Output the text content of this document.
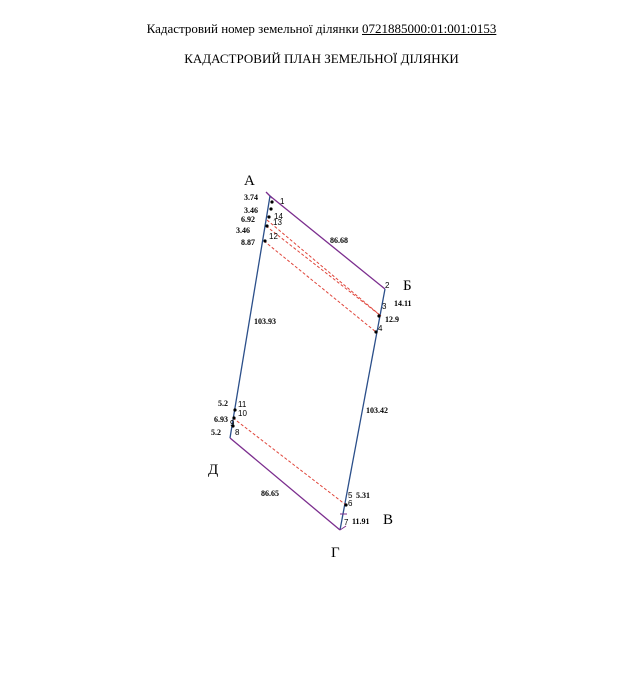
Кадастровий номер земельної ділянки 0721885000:01:001:0153
КАДАСТРОВИЙ ПЛАН ЗЕМЕЛЬНОЇ ДІЛЯНКИ
А
Б
В
Г
Д
3.74
3.46
6.92
3.46
8.87	86.68
14.11
12.9
103.93
103.42
5.2
6.93
5.2
86.65	5.31
11.91
1
2
3
4
5
6
7
8
9
10
11
12
13
14
